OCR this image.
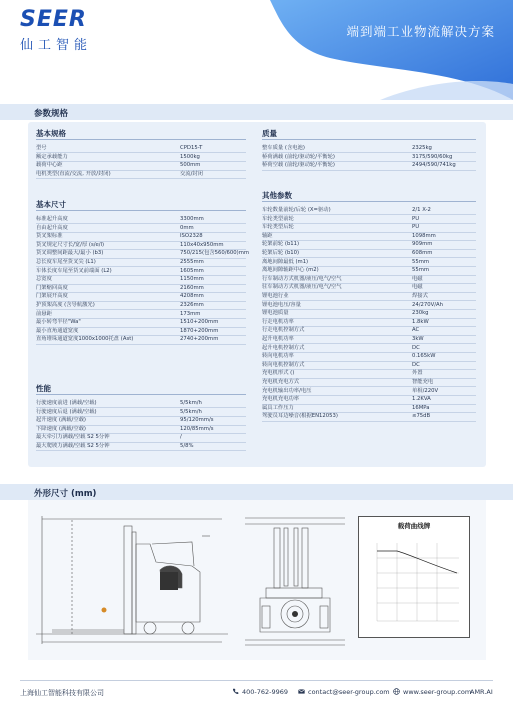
SEER
仙工智能
端到端工业物流解决方案
参数规格
基本规格
型号	CPD15-T
额定承载能力	1500kg
载荷中心距	500mm
电机类型(直流/交流, 开放/封闭)	交流/封闭
基本尺寸
标准起升高度	3300mm
自由起升高度	0mm
货叉架标准	ISO2328
货叉规定尺寸长/宽/厚 (s/e/l)	110x40x950mm
货叉调整间距最大/最小 (b3)	750/215(包含560/600)mm
总长度车尾至货叉尖 (L1)	2555mm
车体长度车尾至货叉前端面 (L2)	1605mm
总宽度	1150mm
门架缩回高度	2160mm
门架展开高度	4208mm
护顶架高度 (含导航激光)	2326mm
前悬距	173mm
最小转弯半径"Wa"	1510+200mm
最小直角通道宽度	1870+200mm
直角堆垛通道宽度1000x1000托盘 (Ast)	2740+200mm
性能
行驶速度前进 (满载/空载)	5/5km/h
行驶速度后退 (满载/空载)	5/5km/h
起升速度 (满载/空载)	95/120mm/s
下降速度 (满载/空载)	120/85mm/s
最大牵引力满载/空载 S2 5分钟	/
最大爬坡力满载/空载 S2 5分钟	5/8%
质量
整车质量 (含电池)	2325kg
桥荷满载 (前轮/驱动轮/平衡轮)	3175/590/60kg
桥荷空载 (前轮/驱动轮/平衡轮)	2494/590/741kg
其他参数
车轮数量前轮/后轮 (X=驱动)	2/1 X-2
车轮类型前轮	PU
车轮类型后轮	PU
轴距	1098mm
轮架前轮 (b11)	909mm
轮架后轮 (b10)	608mm
离地间隙最低 (m1)	55mm
离地间隙轴距中心 (m2)	55mm
行车制动方式机器/液压/电气/空气	电磁
驻车制动方式机器/液压/电气/空气	电磁
锂电池行业	焊接式
锂电池电压/容量	24/270V/Ah
锂电池质量	230kg
行走电机功率	1.8kW
行走电机控制方式	AC
起升电机功率	3kW
起升电机控制方式	DC
转向电机功率	0.165kW
转向电机控制方式	DC
充电机形式 ()	外置
充电机充电方式	智能充电
充电机输出功率/电压	单相/220V
充电机充电功率	1.2KVA
属具工作压力	16MPa
驾驶员耳边噪音(根据EN12053)	≤75dB
外形尺寸 (mm)
载荷曲线牌
上海仙工智能科技有限公司	400-762-9969	contact@seer-group.com	www.seer-group.com
AMR.AI
